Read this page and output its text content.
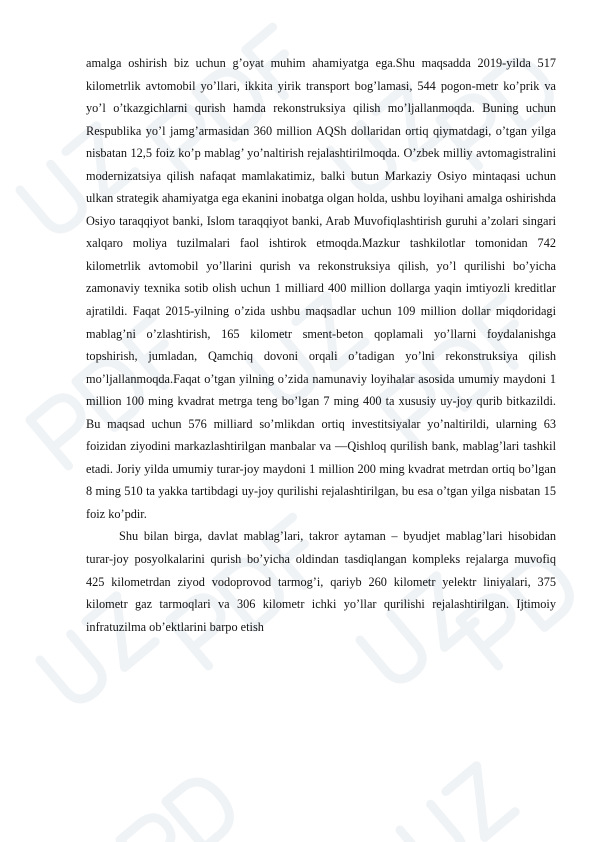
amalga oshirish biz uchun g’oyat muhim ahamiyatga ega.Shu maqsadda 2019-yilda 517 kilometrlik avtomobil yo’llari, ikkita yirik transport bog’lamasi, 544 pogon-metr ko’prik va yo’l o’tkazgichlarni qurish hamda rekonstruksiya qilish mo’ljallanmoqda. Buning uchun Respublika yo’l jamg’armasidan 360 million AQSh dollaridan ortiq qiymatdagi, o’tgan yilga nisbatan 12,5 foiz ko’p mablag’ yo’naltirish rejalashtirilmoqda. O’zbek milliy avtomagistralini modernizatsiya qilish nafaqat mamlakatimiz, balki butun Markaziy Osiyo mintaqasi uchun ulkan strategik ahamiyatga ega ekanini inobatga olgan holda, ushbu loyihani amalga oshirishda Osiyo taraqqiyot banki, Islom taraqqiyot banki, Arab Muvofiqlashtirish guruhi a’zolari singari xalqaro moliya tuzilmalari faol ishtirok etmoqda.Mazkur tashkilotlar tomonidan 742 kilometrlik avtomobil yo’llarini qurish va rekonstruksiya qilish, yo’l qurilishi bo’yicha zamonaviy texnika sotib olish uchun 1 milliard 400 million dollarga yaqin imtiyozli kreditlar ajratildi. Faqat 2015-yilning o’zida ushbu maqsadlar uchun 109 million dollar miqdoridagi mablag’ni o’zlashtirish, 165 kilometr sment-beton qoplamali yo’llarni foydalanishga topshirish, jumladan, Qamchiq dovoni orqali o’tadigan yo’lni rekonstruksiya qilish mo’ljallanmoqda.Faqat o’tgan yilning o’zida namunaviy loyihalar asosida umumiy maydoni 1 million 100 ming kvadrat metrga teng bo’lgan 7 ming 400 ta xususiy uy-joy qurib bitkazildi. Bu maqsad uchun 576 milliard so’mlikdan ortiq investitsiyalar yo’naltirildi, ularning 63 foizidan ziyodini markazlashtirilgan manbalar va ―Qishloq qurilish bank, mablag’lari tashkil etadi. Joriy yilda umumiy turar-joy maydoni 1 million 200 ming kvadrat metrdan ortiq bo’lgan 8 ming 510 ta yakka tartibdagi uy-joy qurilishi rejalashtirilgan, bu esa o’tgan yilga nisbatan 15 foiz ko’pdir.

Shu bilan birga, davlat mablag’lari, takror aytaman – byudjet mablag’lari hisobidan turar-joy posyolkalarini qurish bo’yicha oldindan tasdiqlangan kompleks rejalarga muvofiq 425 kilometrdan ziyod vodoprovod tarmog’i, qariyb 260 kilometr yelektr liniyalari, 375 kilometr gaz tarmoqlari va 306 kilometr ichki yo’llar qurilishi rejalashtirilgan. Ijtimoiy infratuzilma ob’ektlarini barpo etish
